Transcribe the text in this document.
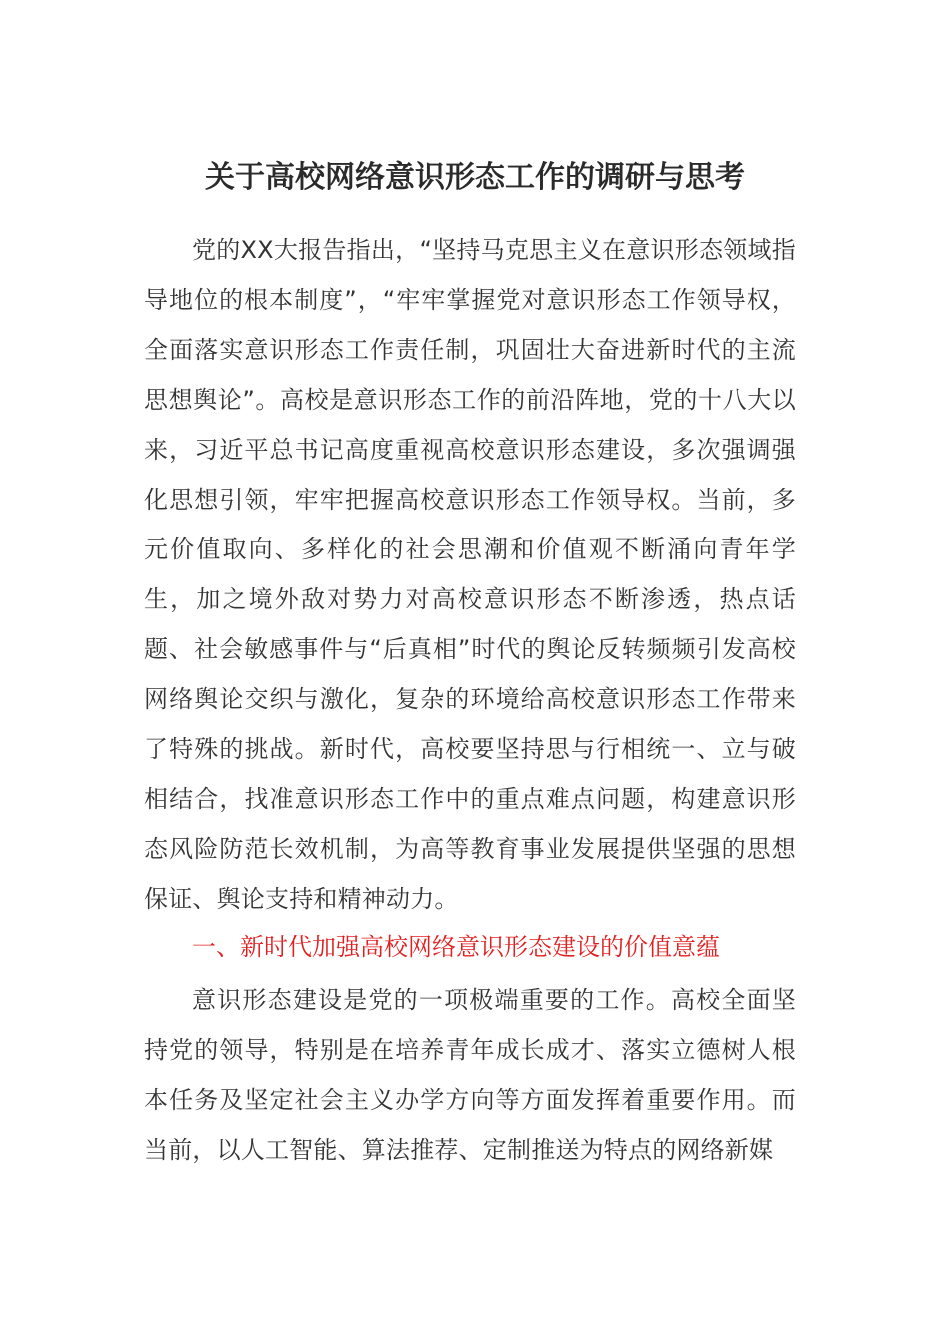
关于高校网络意识形态工作的调研与思考

党的XX大报告指出，“坚持马克思主义在意识形态领域指导地位的根本制度”，“牢牢掌握党对意识形态工作领导权，全面落实意识形态工作责任制，巩固壮大奋进新时代的主流思想舆论”。高校是意识形态工作的前沿阵地，党的十八大以来，习近平总书记高度重视高校意识形态建设，多次强调强化思想引领，牢牢把握高校意识形态工作领导权。当前，多元价值取向、多样化的社会思潮和价值观不断涌向青年学生，加之境外敌对势力对高校意识形态不断渗透，热点话题、社会敏感事件与“后真相”时代的舆论反转频频引发高校网络舆论交织与激化，复杂的环境给高校意识形态工作带来了特殊的挑战。新时代，高校要坚持思与行相统一、立与破相结合，找准意识形态工作中的重点难点问题，构建意识形态风险防范长效机制，为高等教育事业发展提供坚强的思想保证、舆论支持和精神动力。

一、新时代加强高校网络意识形态建设的价值意蕴

意识形态建设是党的一项极端重要的工作。高校全面坚持党的领导，特别是在培养青年成长成才、落实立德树人根本任务及坚定社会主义办学方向等方面发挥着重要作用。而当前，以人工智能、算法推荐、定制推送为特点的网络新媒
